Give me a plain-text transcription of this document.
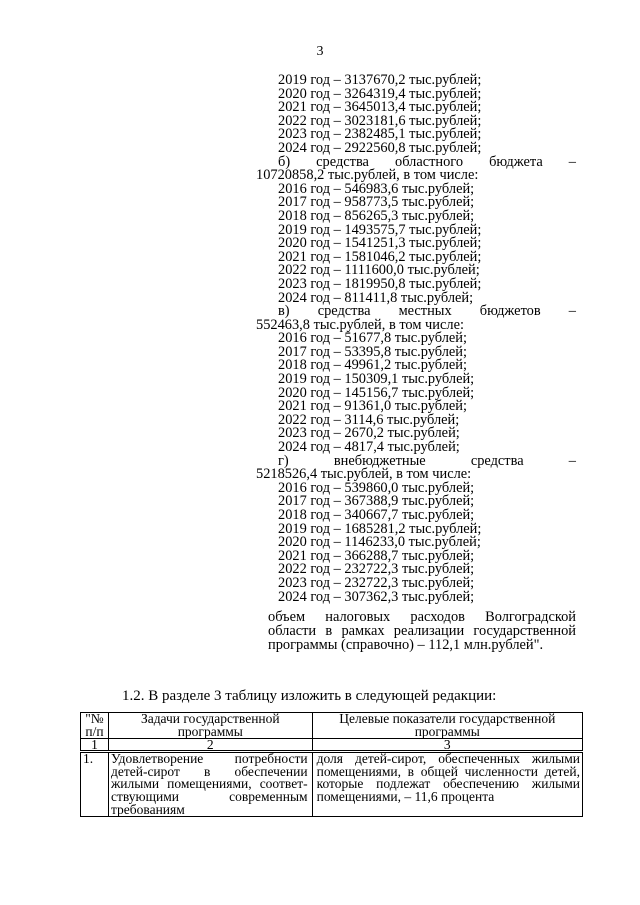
3
2019 год – 3137670,2 тыс.рублей;
2020 год – 3264319,4 тыс.рублей;
2021 год – 3645013,4 тыс.рублей;
2022 год – 3023181,6 тыс.рублей;
2023 год – 2382485,1 тыс.рублей;
2024 год – 2922560,8 тыс.рублей;
б) средства областного бюджета –
10720858,2 тыс.рублей, в том числе:
2016 год – 546983,6 тыс.рублей;
2017 год – 958773,5 тыс.рублей;
2018 год – 856265,3 тыс.рублей;
2019 год – 1493575,7 тыс.рублей;
2020 год – 1541251,3 тыс.рублей;
2021 год – 1581046,2 тыс.рублей;
2022 год – 1111600,0 тыс.рублей;
2023 год – 1819950,8 тыс.рублей;
2024 год – 811411,8 тыс.рублей;
в) средства местных бюджетов –
552463,8 тыс.рублей, в том числе:
2016 год – 51677,8 тыс.рублей;
2017 год – 53395,8 тыс.рублей;
2018 год – 49961,2 тыс.рублей;
2019 год – 150309,1 тыс.рублей;
2020 год – 145156,7 тыс.рублей;
2021 год – 91361,0 тыс.рублей;
2022 год – 3114,6 тыс.рублей;
2023 год – 2670,2 тыс.рублей;
2024 год – 4817,4 тыс.рублей;
г)	внебюджетные	средства	–
5218526,4 тыс.рублей, в том числе:
2016 год – 539860,0 тыс.рублей;
2017 год – 367388,9 тыс.рублей;
2018 год – 340667,7 тыс.рублей;
2019 год – 1685281,2 тыс.рублей;
2020 год – 1146233,0 тыс.рублей;
2021 год – 366288,7 тыс.рублей;
2022 год – 232722,3 тыс.рублей;
2023 год – 232722,3 тыс.рублей;
2024 год – 307362,3 тыс.рублей;
объем налоговых расходов Волгоградской области в рамках реализации государственной программы (справочно) – 112,1 млн.рублей".
1.2. В разделе 3 таблицу изложить в следующей редакции:
"№ п/п	Задачи государственной программы	Целевые показатели государственной программы
1	2	3
1.	Удовлетворение потребности детей-сирот в обеспечении жилыми помещениями, соответ-ствующими современным требованиям	доля детей-сирот, обеспеченных жилыми помещениями, в общей численности детей, которые подлежат обеспечению жилыми помещениями, – 11,6 процента
